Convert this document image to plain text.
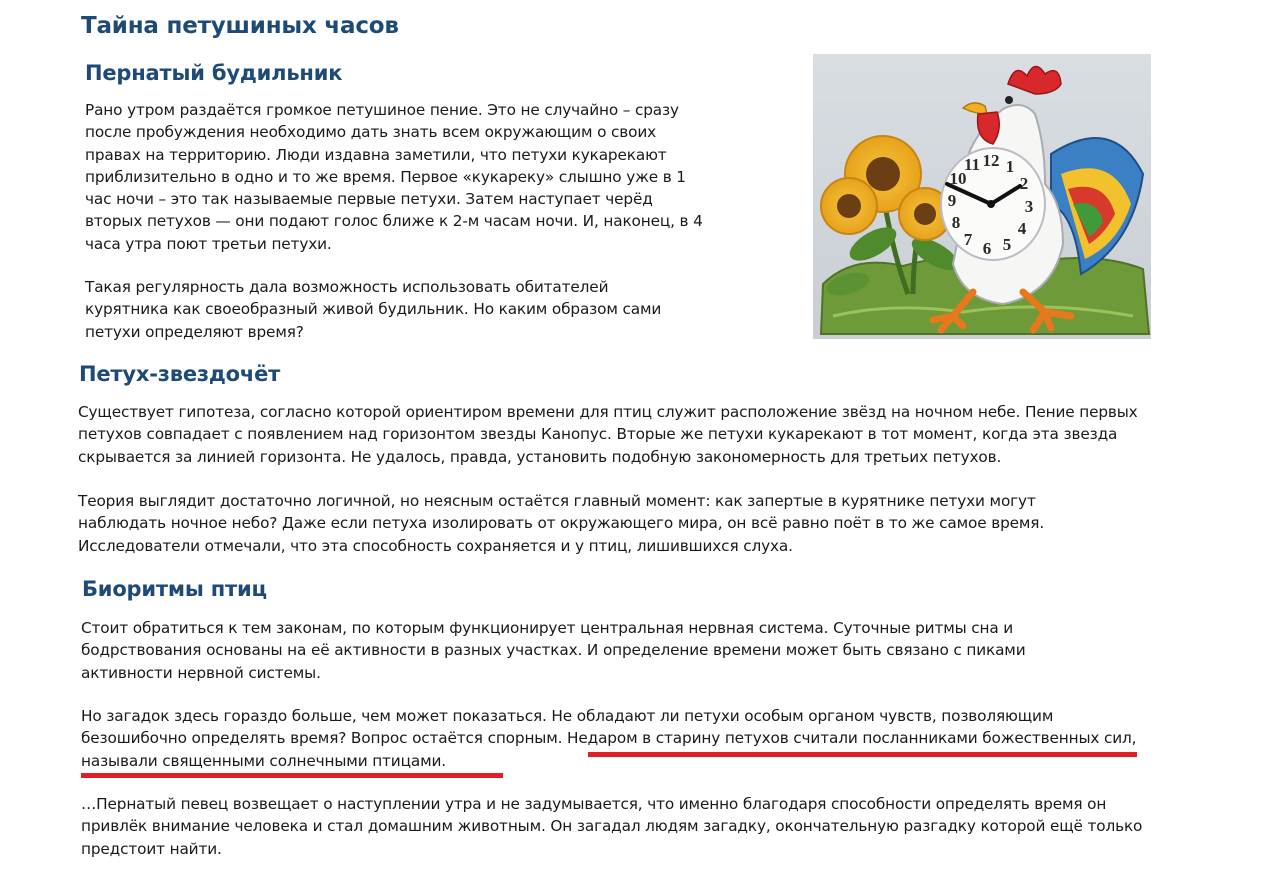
Тайна петушиных часов
Пернатый будильник

Рано утром раздаётся громкое петушиное пение. Это не случайно – сразу после пробуждения необходимо дать знать всем окружающим о своих правах на территорию. Люди издавна заметили, что петухи кукарекают приблизительно в одно и то же время. Первое «кукареку» слышно уже в 1 час ночи – это так называемые первые петухи. Затем наступает черёд вторых петухов — они подают голос ближе к 2-м часам ночи. И, наконец, в 4 часа утра поют третьи петухи.

Такая регулярность дала возможность использовать обитателей курятника как своеобразный живой будильник. Но каким образом сами петухи определяют время?

12 1
2
3
4
5
6
7
8
9
10
11
Петух-звездочёт

Существует гипотеза, согласно которой ориентиром времени для птиц служит расположение звёзд на ночном небе. Пение первых петухов совпадает с появлением над горизонтом звезды Канопус. Вторые же петухи кукарекают в тот момент, когда эта звезда скрывается за линией горизонта. Не удалось, правда, установить подобную закономерность для третьих петухов.

Теория выглядит достаточно логичной, но неясным остаётся главный момент: как запертые в курятнике петухи могут наблюдать ночное небо? Даже если петуха изолировать от окружающего мира, он всё равно поёт в то же самое время. Исследователи отмечали, что эта способность сохраняется и у птиц, лишившихся слуха.

Биоритмы птиц

Стоит обратиться к тем законам, по которым функционирует центральная нервная система. Суточные ритмы сна и бодрствования основаны на её активности в разных участках. И определение времени может быть связано с пиками активности нервной системы.

Но загадок здесь гораздо больше, чем может показаться. Не обладают ли петухи особым органом чувств, позволяющим безошибочно определять время? Вопрос остаётся спорным. Недаром в старину петухов считали посланниками божественных сил, называли священными солнечными птицами.

…Пернатый певец возвещает о наступлении утра и не задумывается, что именно благодаря способности определять время он привлёк внимание человека и стал домашним животным. Он загадал людям загадку, окончательную разгадку которой ещё только предстоит найти.
